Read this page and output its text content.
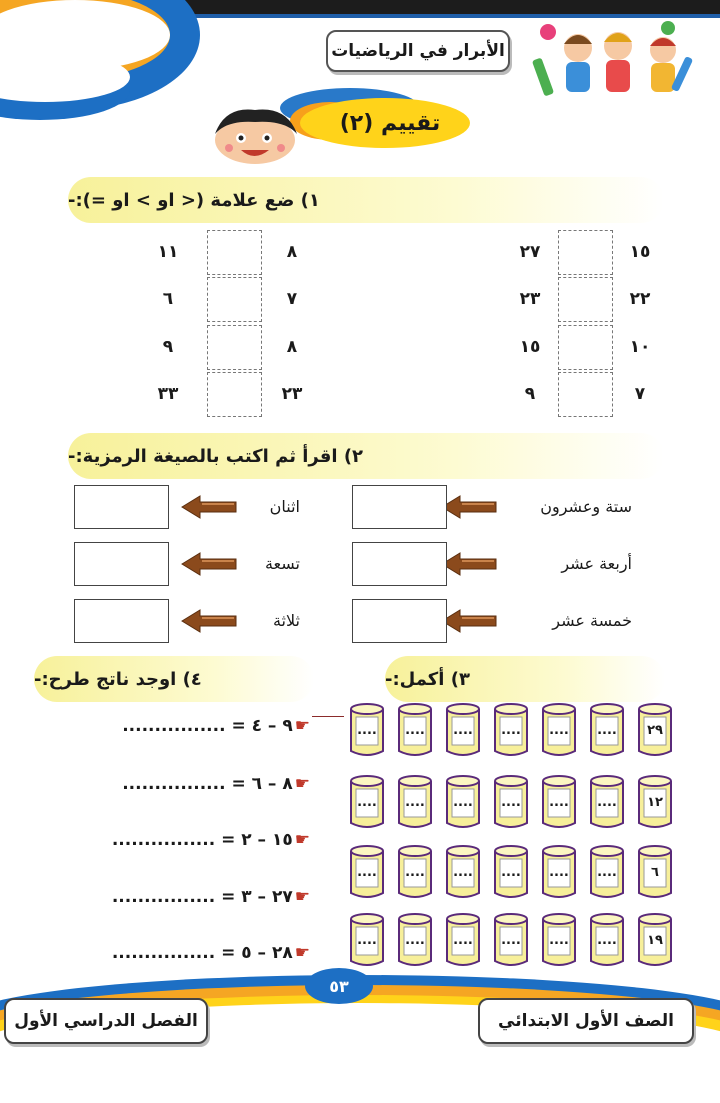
الأبرار في الرياضيات
تقييم (٢)
١) ضع علامة (< او > او =):-
١٥
٢٧
٢٢
٢٣
١٠
١٥
٧
٩
٨
١١
٧
٦
٨
٩
٢٣
٣٣
٢) اقرأ ثم اكتب بالصيغة الرمزية:-
ستة وعشرون
أربعة عشر
خمسة عشر
اثنان
تسعة
ثلاثة
٣) أكمل:-
٢٩
....
....
....
....
....
....
١٢
....
....
....
....
....
....
٦
....
....
....
....
....
....
١٩
....
....
....
....
....
....
٤) اوجد ناتج طرح:-
☛٩ – ٤ = ................
☛٨ – ٦ = ................
☛١٥ – ٢ = ................
☛٢٧ – ٣ = ................
☛٢٨ – ٥ = ................
٥٣
الصف الأول الابتدائي
الفصل الدراسي الأول
